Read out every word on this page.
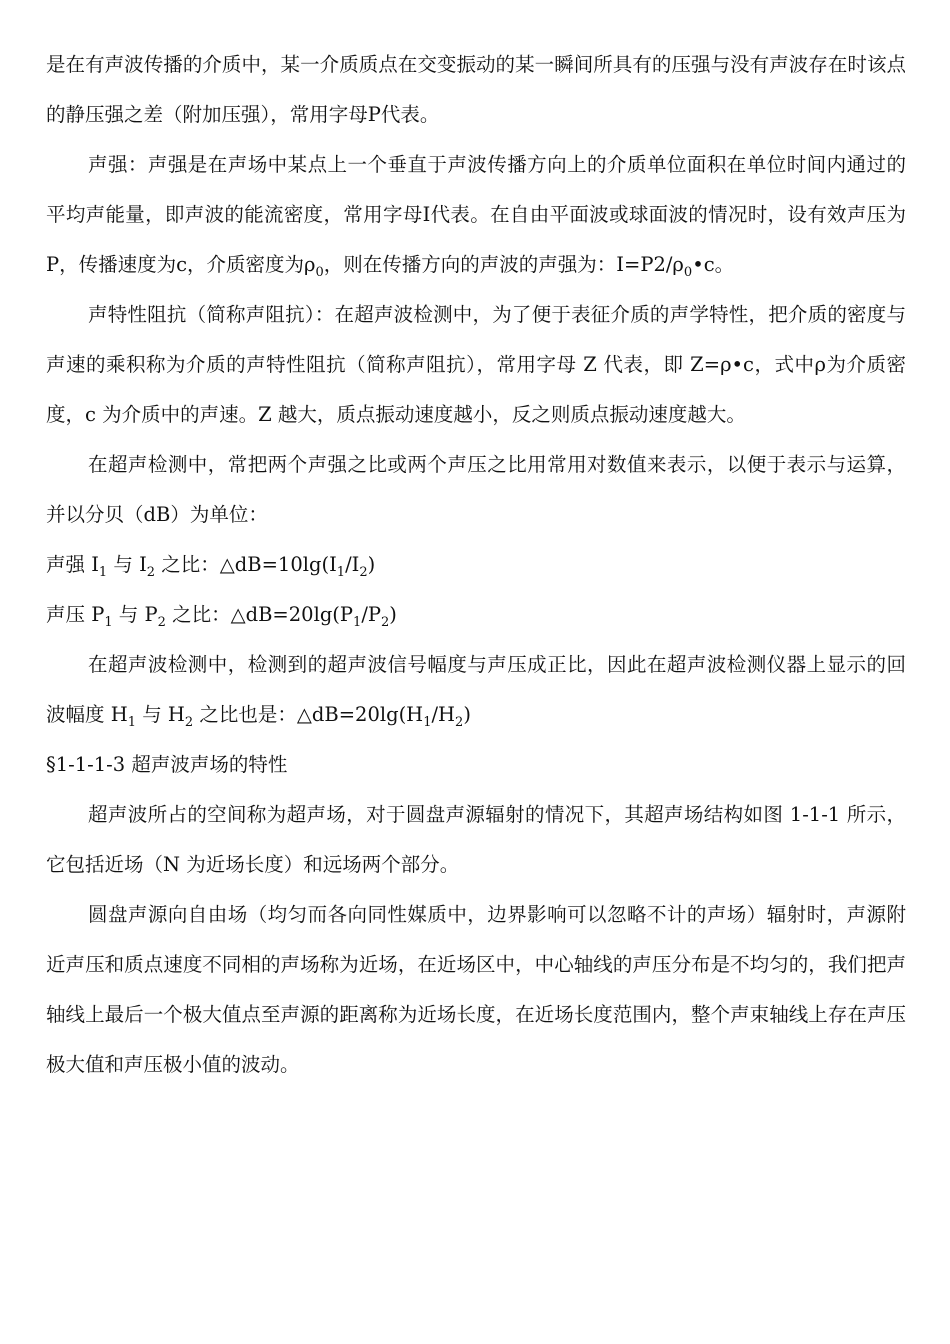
是在有声波传播的介质中，某一介质质点在交变振动的某一瞬间所具有的压强与没有声波存在时该点的静压强之差（附加压强），常用字母P代表。

声强：声强是在声场中某点上一个垂直于声波传播方向上的介质单位面积在单位时间内通过的平均声能量，即声波的能流密度，常用字母I代表。在自由平面波或球面波的情况时，设有效声压为P，传播速度为c，介质密度为$\rho_0$，则在传播方向的声波的声强为：$I=P2/\rho_0•c$。

声特性阻抗（简称声阻抗）：在超声波检测中，为了便于表征介质的声学特性，把介质的密度与声速的乘积称为介质的声特性阻抗（简称声阻抗），常用字母 Z 代表，即 Z=ρ•c，式中ρ为介质密度，c 为介质中的声速。Z 越大，质点振动速度越小，反之则质点振动速度越大。

在超声检测中，常把两个声强之比或两个声压之比用常用对数值来表示，以便于表示与运算，并以分贝（dB）为单位：

声强 $I_1$ 与 $I_2$ 之比：$\triangle dB=10\lg(I_1/I_2)$

声压 $P_1$ 与 $P_2$ 之比：$\triangle dB=20\lg(P_1/P_2)$

在超声波检测中，检测到的超声波信号幅度与声压成正比，因此在超声波检测仪器上显示的回波幅度 $H_1$ 与 $H_2$ 之比也是：$\triangle dB=20\lg(H_1/H_2)$

§1-1-1-3 超声波声场的特性

超声波所占的空间称为超声场，对于圆盘声源辐射的情况下，其超声场结构如图 1-1-1 所示，它包括近场（N 为近场长度）和远场两个部分。

圆盘声源向自由场（均匀而各向同性媒质中，边界影响可以忽略不计的声场）辐射时，声源附近声压和质点速度不同相的声场称为近场，在近场区中，中心轴线的声压分布是不均匀的，我们把声轴线上最后一个极大值点至声源的距离称为近场长度，在近场长度范围内，整个声束轴线上存在声压极大值和声压极小值的波动。
